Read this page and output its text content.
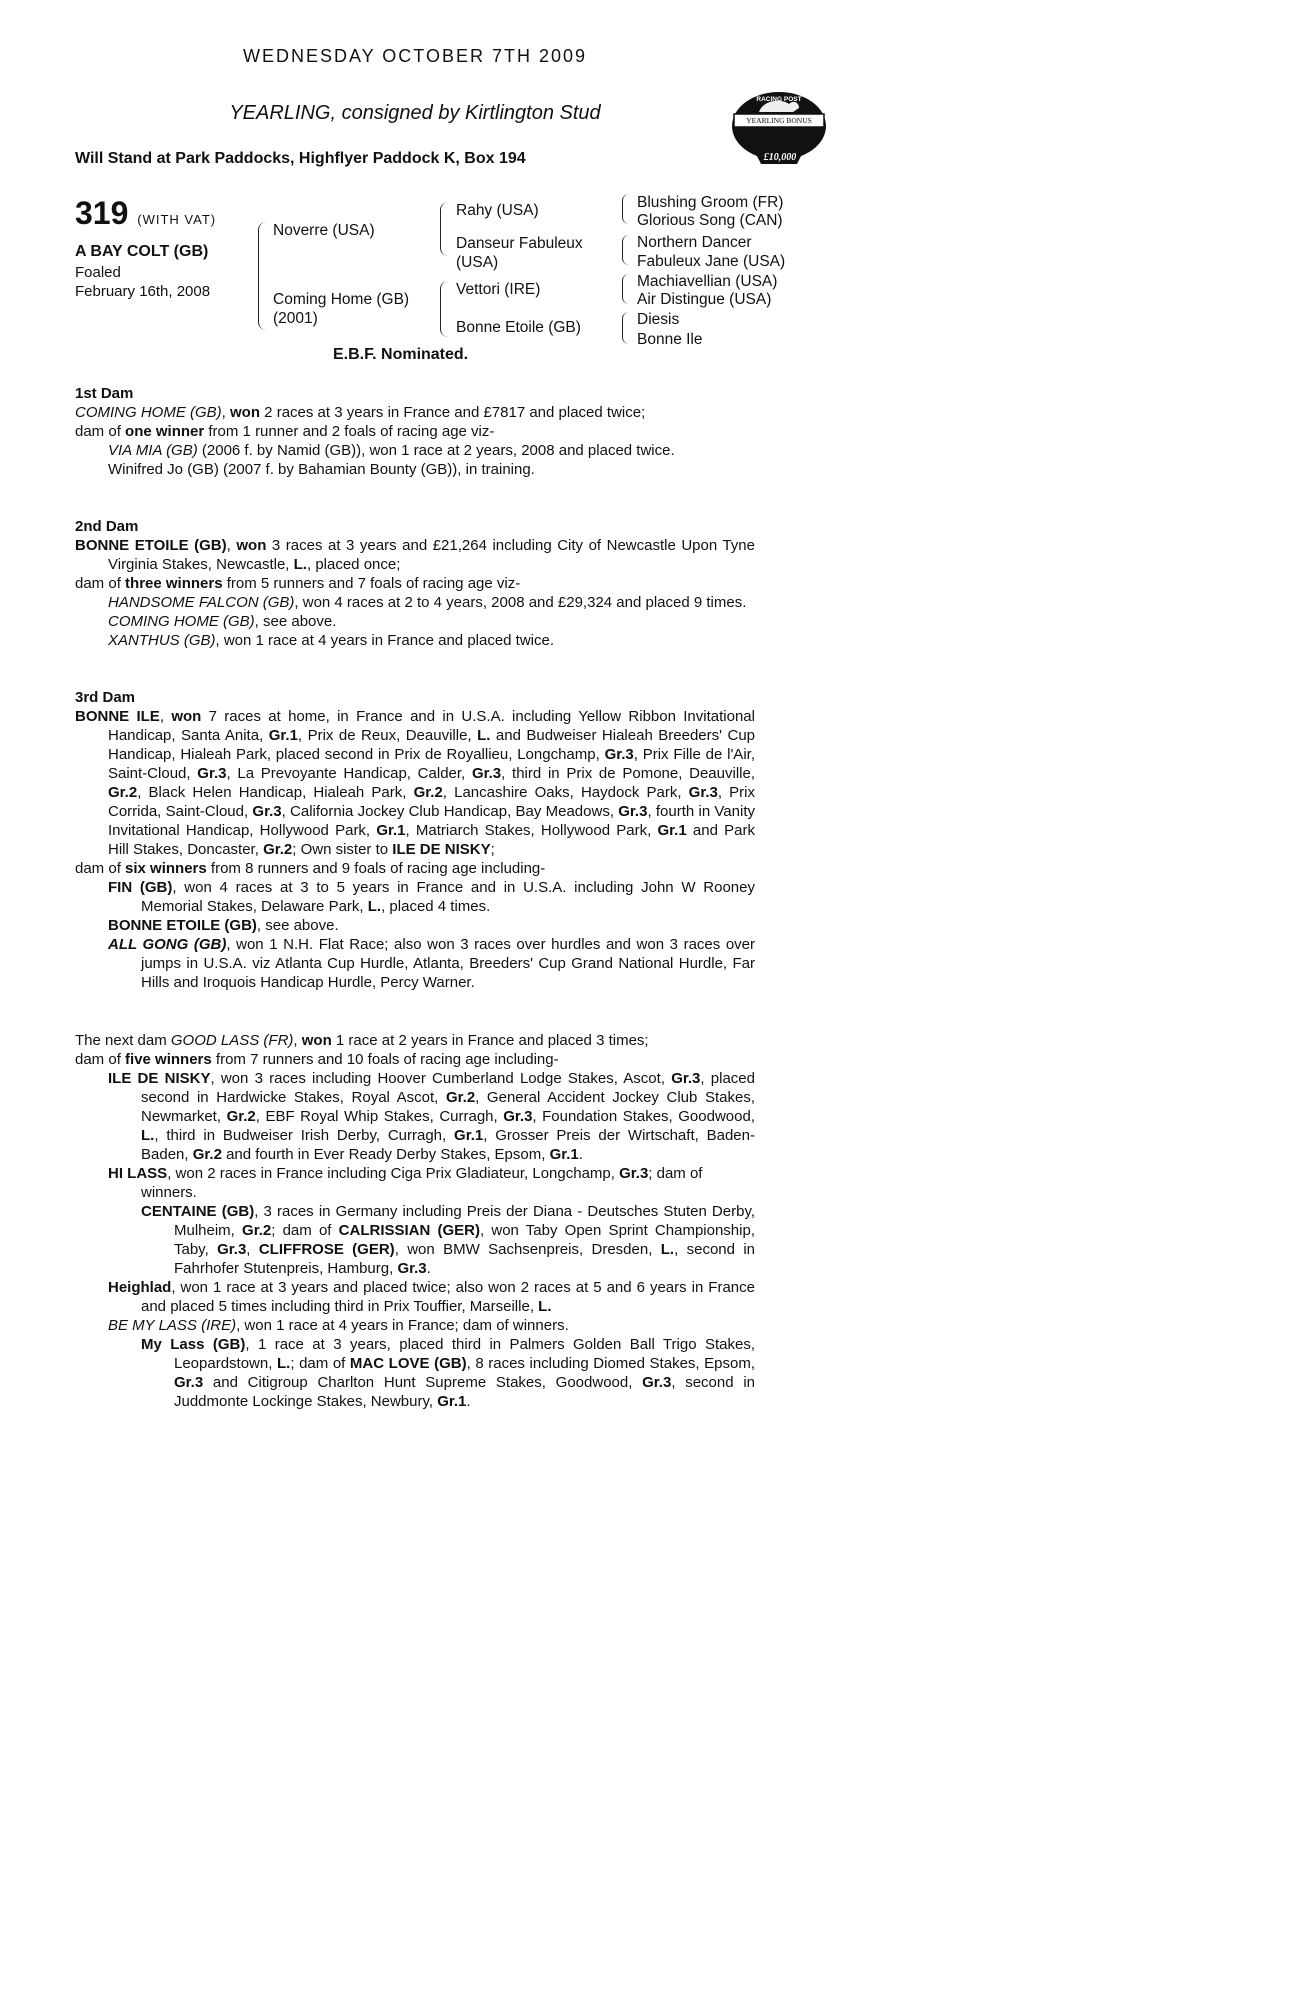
WEDNESDAY OCTOBER 7TH 2009
YEARLING, consigned by Kirtlington Stud
Will Stand at Park Paddocks, Highflyer Paddock K, Box 194
RACING POST
YEARLING BONUS
£10,000
319 (WITH VAT)
A BAY COLT (GB)
Foaled
February 16th, 2008
Noverre (USA)
Coming Home (GB)
(2001)
Rahy (USA)
Danseur Fabuleux
(USA)
Vettori (IRE)
Bonne Etoile (GB)
Blushing Groom (FR)
Glorious Song (CAN)
Northern Dancer
Fabuleux Jane (USA)
Machiavellian (USA)
Air Distingue (USA)
Diesis
Bonne Ile
E.B.F. Nominated.

1st Dam

COMING HOME (GB), won 2 races at 3 years in France and £7817 and placed twice;

dam of one winner from 1 runner and 2 foals of racing age viz-

VIA MIA (GB) (2006 f. by Namid (GB)), won 1 race at 2 years, 2008 and placed twice.

Winifred Jo (GB) (2007 f. by Bahamian Bounty (GB)), in training.

2nd Dam

BONNE ETOILE (GB), won 3 races at 3 years and £21,264 including City of Newcastle Upon Tyne Virginia Stakes, Newcastle, L., placed once;

dam of three winners from 5 runners and 7 foals of racing age viz-

HANDSOME FALCON (GB), won 4 races at 2 to 4 years, 2008 and £29,324 and placed 9 times.

COMING HOME (GB), see above.

XANTHUS (GB), won 1 race at 4 years in France and placed twice.

3rd Dam

BONNE ILE, won 7 races at home, in France and in U.S.A. including Yellow Ribbon Invitational Handicap, Santa Anita, Gr.1, Prix de Reux, Deauville, L. and Budweiser Hialeah Breeders' Cup Handicap, Hialeah Park, placed second in Prix de Royallieu, Longchamp, Gr.3, Prix Fille de l'Air, Saint-Cloud, Gr.3, La Prevoyante Handicap, Calder, Gr.3, third in Prix de Pomone, Deauville, Gr.2, Black Helen Handicap, Hialeah Park, Gr.2, Lancashire Oaks, Haydock Park, Gr.3, Prix Corrida, Saint-Cloud, Gr.3, California Jockey Club Handicap, Bay Meadows, Gr.3, fourth in Vanity Invitational Handicap, Hollywood Park, Gr.1, Matriarch Stakes, Hollywood Park, Gr.1 and Park Hill Stakes, Doncaster, Gr.2; Own sister to ILE DE NISKY;

dam of six winners from 8 runners and 9 foals of racing age including-

FIN (GB), won 4 races at 3 to 5 years in France and in U.S.A. including John W Rooney Memorial Stakes, Delaware Park, L., placed 4 times.

BONNE ETOILE (GB), see above.

ALL GONG (GB), won 1 N.H. Flat Race; also won 3 races over hurdles and won 3 races over jumps in U.S.A. viz Atlanta Cup Hurdle, Atlanta, Breeders' Cup Grand National Hurdle, Far Hills and Iroquois Handicap Hurdle, Percy Warner.

The next dam GOOD LASS (FR), won 1 race at 2 years in France and placed 3 times;

dam of five winners from 7 runners and 10 foals of racing age including-

ILE DE NISKY, won 3 races including Hoover Cumberland Lodge Stakes, Ascot, Gr.3, placed second in Hardwicke Stakes, Royal Ascot, Gr.2, General Accident Jockey Club Stakes, Newmarket, Gr.2, EBF Royal Whip Stakes, Curragh, Gr.3, Foundation Stakes, Goodwood, L., third in Budweiser Irish Derby, Curragh, Gr.1, Grosser Preis der Wirtschaft, Baden-Baden, Gr.2 and fourth in Ever Ready Derby Stakes, Epsom, Gr.1.

HI LASS, won 2 races in France including Ciga Prix Gladiateur, Longchamp, Gr.3; dam of winners.

CENTAINE (GB), 3 races in Germany including Preis der Diana - Deutsches Stuten Derby, Mulheim, Gr.2; dam of CALRISSIAN (GER), won Taby Open Sprint Championship, Taby, Gr.3, CLIFFROSE (GER), won BMW Sachsenpreis, Dresden, L., second in Fahrhofer Stutenpreis, Hamburg, Gr.3.

Heighlad, won 1 race at 3 years and placed twice; also won 2 races at 5 and 6 years in France and placed 5 times including third in Prix Touffier, Marseille, L.

BE MY LASS (IRE), won 1 race at 4 years in France; dam of winners.

My Lass (GB), 1 race at 3 years, placed third in Palmers Golden Ball Trigo Stakes, Leopardstown, L.; dam of MAC LOVE (GB), 8 races including Diomed Stakes, Epsom, Gr.3 and Citigroup Charlton Hunt Supreme Stakes, Goodwood, Gr.3, second in Juddmonte Lockinge Stakes, Newbury, Gr.1.
